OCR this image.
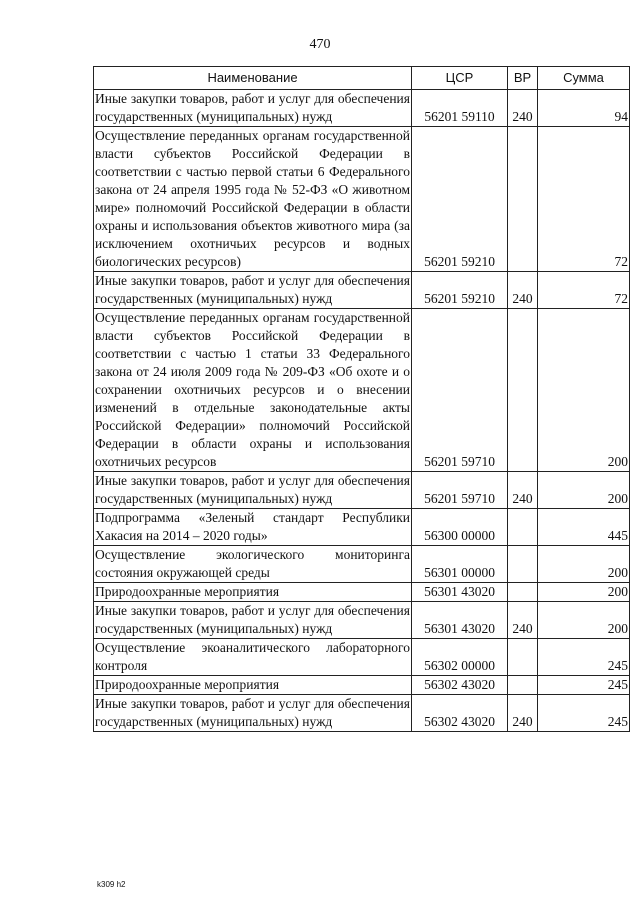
470
Наименование	ЦСР	ВР	Сумма
Иные закупки товаров, работ и услуг для обеспечения государственных (муниципальных) нужд	56201 59110	240	94
Осуществление переданных органам государственной власти субъектов Российской Федерации в соответствии с частью первой статьи 6 Федерального закона от 24 апреля 1995 года № 52-ФЗ «О животном мире» полномочий Российской Федерации в области охраны и использования объектов животного мира (за исключением охотничьих ресурсов и водных биологических ресурсов)	56201 59210		72
Иные закупки товаров, работ и услуг для обеспечения государственных (муниципальных) нужд	56201 59210	240	72
Осуществление переданных органам государственной власти субъектов Российской Федерации в соответствии с частью 1 статьи 33 Федерального закона от 24 июля 2009 года № 209-ФЗ «Об охоте и о сохранении охотничьих ресурсов и о внесении изменений в отдельные законодательные акты Российской Федерации» полномочий Российской Федерации в области охраны и использования охотничьих ресурсов	56201 59710		200
Иные закупки товаров, работ и услуг для обеспечения государственных (муниципальных) нужд	56201 59710	240	200
Подпрограмма «Зеленый стандарт Республики Хакасия на 2014 – 2020 годы»	56300 00000		445
Осуществление экологического мониторинга состояния окружающей среды	56301 00000		200
Природоохранные мероприятия	56301 43020		200
Иные закупки товаров, работ и услуг для обеспечения государственных (муниципальных) нужд	56301 43020	240	200
Осуществление экоаналитического лабораторного контроля	56302 00000		245
Природоохранные мероприятия	56302 43020		245
Иные закупки товаров, работ и услуг для обеспечения государственных (муниципальных) нужд	56302 43020	240	245
k309 h2
